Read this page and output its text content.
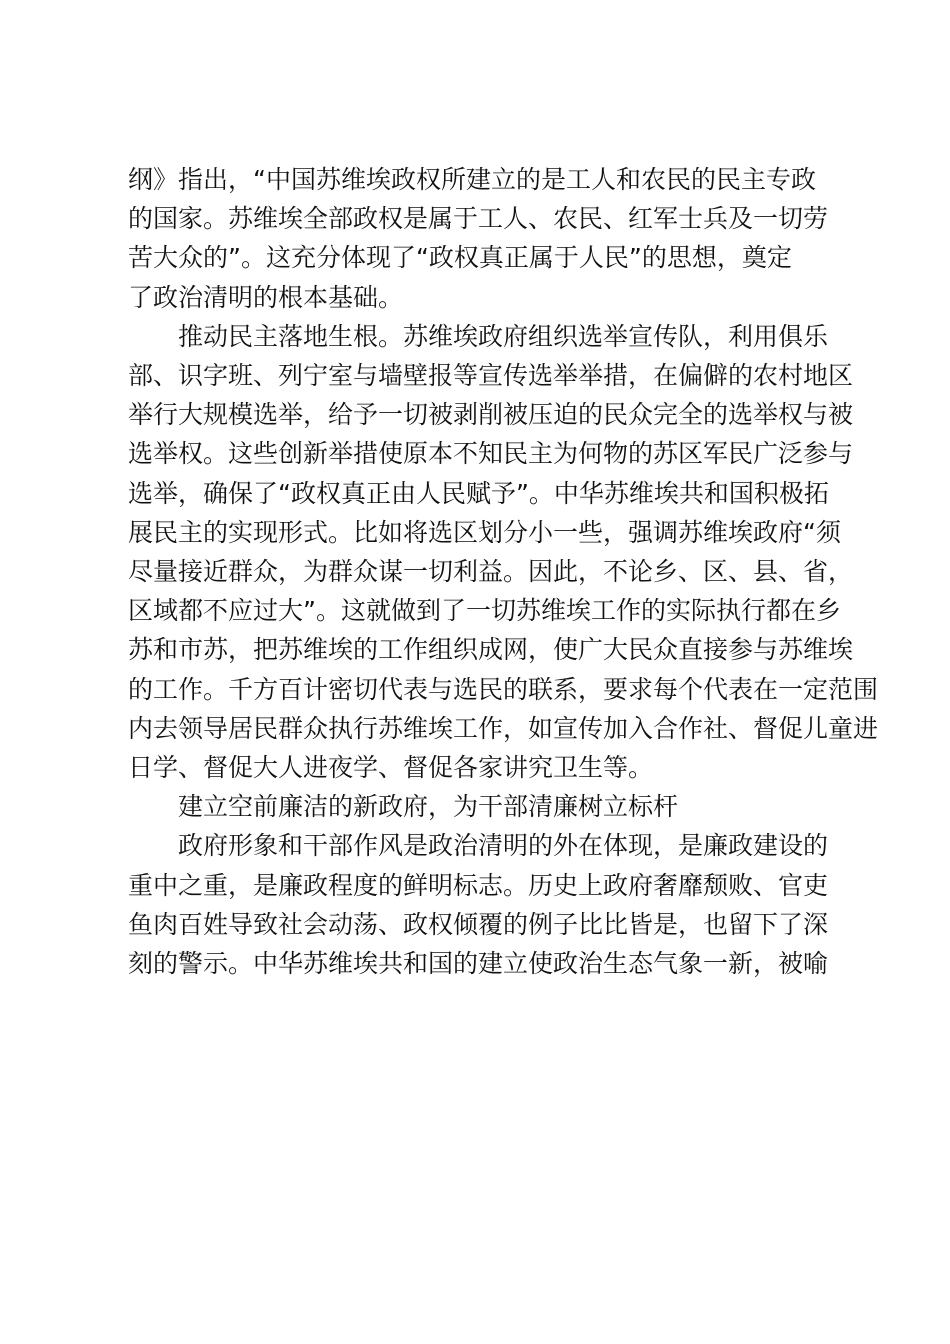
纲》指出，“中国苏维埃政权所建立的是工人和农民的民主专政
的国家。苏维埃全部政权是属于工人、农民、红军士兵及一切劳
苦大众的”。这充分体现了“政权真正属于人民”的思想，奠定
了政治清明的根本基础。

推动民主落地生根。苏维埃政府组织选举宣传队，利用俱乐
部、识字班、列宁室与墙壁报等宣传选举举措，在偏僻的农村地区
举行大规模选举，给予一切被剥削被压迫的民众完全的选举权与被
选举权。这些创新举措使原本不知民主为何物的苏区军民广泛参与
选举，确保了“政权真正由人民赋予”。中华苏维埃共和国积极拓
展民主的实现形式。比如将选区划分小一些，强调苏维埃政府“须
尽量接近群众，为群众谋一切利益。因此，不论乡、区、县、省，
区域都不应过大”。这就做到了一切苏维埃工作的实际执行都在乡
苏和市苏，把苏维埃的工作组织成网，使广大民众直接参与苏维埃
的工作。千方百计密切代表与选民的联系，要求每个代表在一定范围
内去领导居民群众执行苏维埃工作，如宣传加入合作社、督促儿童进
日学、督促大人进夜学、督促各家讲究卫生等。

建立空前廉洁的新政府，为干部清廉树立标杆

政府形象和干部作风是政治清明的外在体现，是廉政建设的
重中之重，是廉政程度的鲜明标志。历史上政府奢靡颓败、官吏
鱼肉百姓导致社会动荡、政权倾覆的例子比比皆是，也留下了深
刻的警示。中华苏维埃共和国的建立使政治生态气象一新，被喻
